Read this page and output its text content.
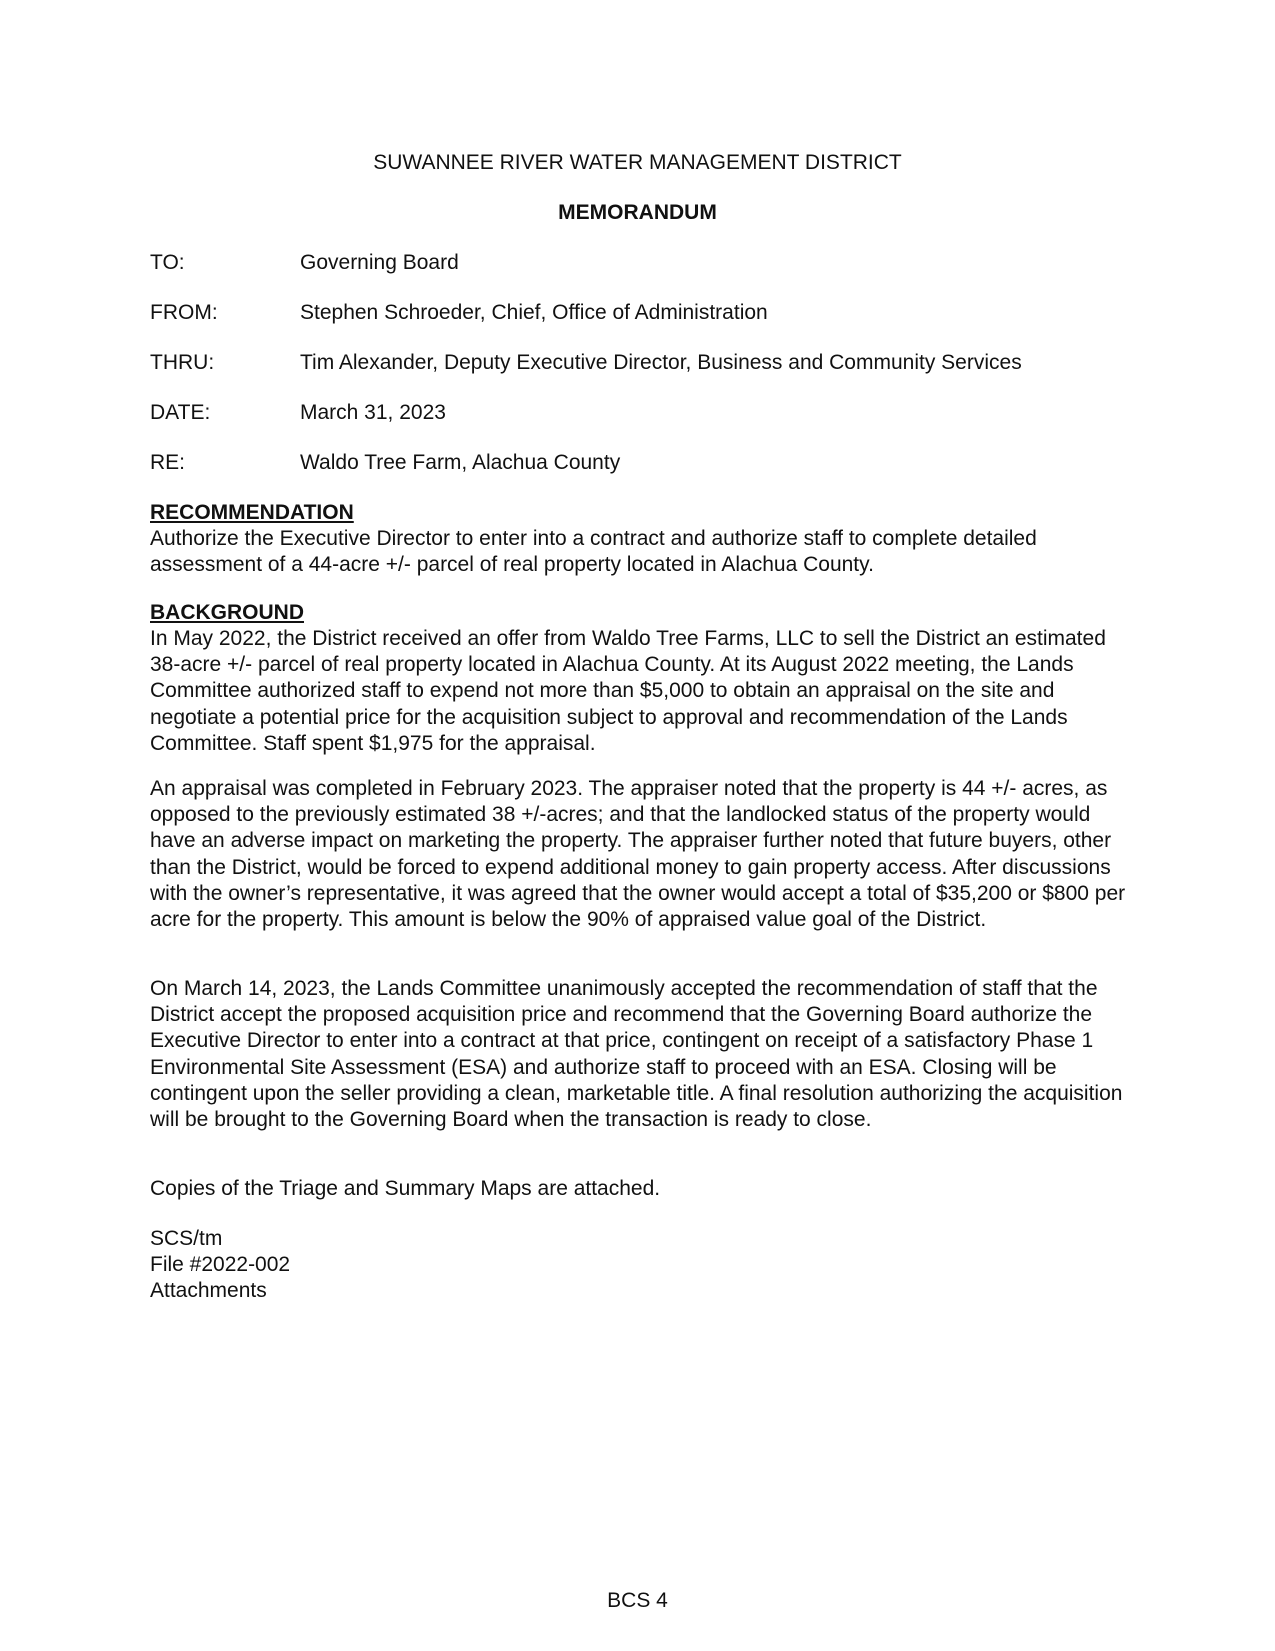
SUWANNEE RIVER WATER MANAGEMENT DISTRICT
MEMORANDUM
TO:	Governing Board
FROM:	Stephen Schroeder, Chief, Office of Administration
THRU:	Tim Alexander, Deputy Executive Director, Business and Community Services
DATE:	March 31, 2023
RE:	Waldo Tree Farm, Alachua County

RECOMMENDATION

Authorize the Executive Director to enter into a contract and authorize staff to complete detailed assessment of a 44-acre +/- parcel of real property located in Alachua County.

BACKGROUND

In May 2022, the District received an offer from Waldo Tree Farms, LLC to sell the District an estimated 38-acre +/- parcel of real property located in Alachua County. At its August 2022 meeting, the Lands Committee authorized staff to expend not more than $5,000 to obtain an appraisal on the site and negotiate a potential price for the acquisition subject to approval and recommendation of the Lands Committee. Staff spent $1,975 for the appraisal.

An appraisal was completed in February 2023. The appraiser noted that the property is 44 +/- acres, as opposed to the previously estimated 38 +/-acres; and that the landlocked status of the property would have an adverse impact on marketing the property. The appraiser further noted that future buyers, other than the District, would be forced to expend additional money to gain property access. After discussions with the owner’s representative, it was agreed that the owner would accept a total of $35,200 or $800 per acre for the property. This amount is below the 90% of appraised value goal of the District.

On March 14, 2023, the Lands Committee unanimously accepted the recommendation of staff that the District accept the proposed acquisition price and recommend that the Governing Board authorize the Executive Director to enter into a contract at that price, contingent on receipt of a satisfactory Phase 1 Environmental Site Assessment (ESA) and authorize staff to proceed with an ESA. Closing will be contingent upon the seller providing a clean, marketable title. A final resolution authorizing the acquisition will be brought to the Governing Board when the transaction is ready to close.

Copies of the Triage and Summary Maps are attached.

SCS/tm

File #2022-002

Attachments

BCS 4
